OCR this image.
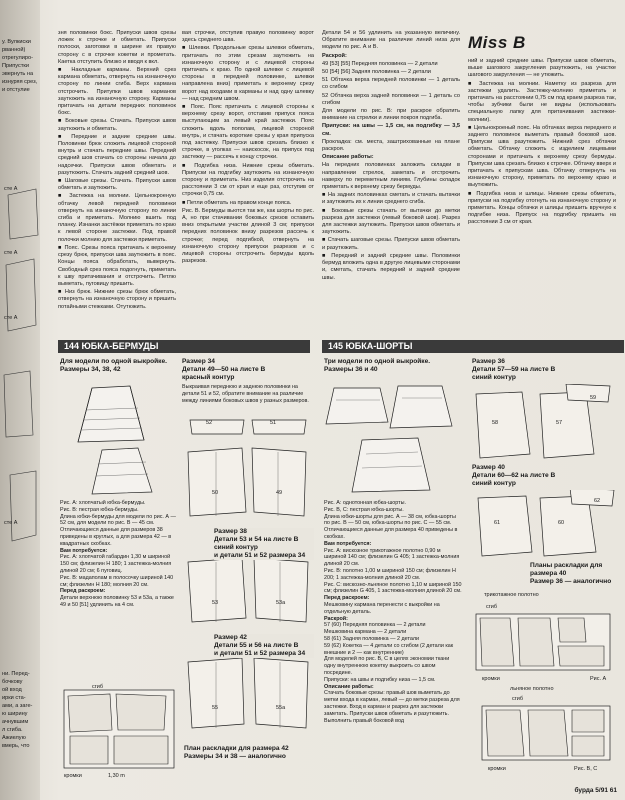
у. Вулкиски
рванной)
отрегулиро-
Припустки
эвернуть на
изнуряя срез,
и отстулие
сте А
сте А
сте А
сте А
ни. Перед-
бочкову
ой вход
ирки ста-
ами, а заге-
ю ширину
ачнувшим
л сгиба.
Ажиелую
вмерь, что

зня половинки бокс. Припуски швов срезы ложек к строчке и обметать. Припуски полоски, заготовки в ширине их правую сторону с в строчке кокетки и прометать. Каетка отступить близко и вводя к вкл.

■ Накладные карманы. Верхний срез кармана обметать, отвернуть на изнаночную сторону по линии сгиба. Верх кармана отстрочить. Притупки швов карманов заутюжить на изнаночную сторону. Карманы притачать на детали передних половинок бокс.

■ Боковые срезы. Стачать. Припуски швов заутюжить и обметать.

■ Передние и задние средние швы. Половинки брюк сложить лицевой стороной внутрь и стачать передние швы. Передний средний шов стачать со стороны начала до надсечки. Припуски швов обметать и разутюжить. Стачать задний средний шов.

■ Шаговые срезы. Стачать. Припуски швов обметать и заутюжить.

■ Застежка на молнии. Цельнокроеную обтачку левой передней половинки отвернуть на изнаночную сторону по линии сгиба и приметать. Молнию вшить под планку. Изнанки застёжки приметать по краю к левой стороне застежки. Под правой полочки молнию для застежки приметать.

■ Пояс. Срезы пояса притачать к верхнему срезу брюк, припуски шва заутюжить в пояс. Концы пояса обработать, вывернуть. Свободный срез пояса подогнуть, приметать к шву притачивания и отстрочить. Петлю выметать, пуговицу пришить.

■ Низ брюк. Нижние срезы брюк обметать, отвернуть на изнаночную сторону и пришить потайными стежками. Отутюжить.

вая строчки, отступив правую половинку ворот здесь среднего шва.

■ Шлевки. Продольные срезы шлевки обметать, притачать по этим срезам заутюжить на изнаночную сторону и с лицевой стороны притачать к краю. По одной шлевке с лицевой стороны в передней половинке, шлевки направлена вниз) приметать к верхнему срезу ворот над входами в карманы и над одну шлевку — над средним швом.

■ Пояс. Пояс притачать с лицевой стороны к верхнему срезу ворот, отставив припуск пояса выступающим за левый край застежки. Пояс сложить вдоль пополам, лицевой стороной внутрь, и стачать короткие срезы у края припуска под застежку. Припуски швов срезать близко к строчке, в уголках — наискосок, на припуск под застежку — рассечь к концу строчки.

■ Подгибка низа. Нижние срезы обметать. Припуски на подгибку заутюжить на изнаночную сторону и приметать. Низ изделия отстрочить на расстоянии 3 см от края и еще раз, отступив от строчки 0,75 см.

■ Петли обметать на правом конце пояса.

Рис. В. Бермуды вьются так же, как шорты по рис. А, но при стачивании боковых срезов оставить вниз открытыми участки длиной 3 см; припуски передних половинок внизу разрезов рассечь к строчке; перед подгибкой, отвернуть на изнаночную сторону припуски разрезов и с лицевой стороны отстрочить бермуды вдоль разрезов.

Детали 54 и 56 удлинить на указанную величину. Обратите внимание на различие линий низа для модели по рис. А и В.

Раскрой:

49 [53] [55] Передняя половинка — 2 детали

50 [54] [56] Задняя половинка — 2 детали

51 Обтачка верха передней половинки — 1 деталь со сгибом

52 Обтачка верха задней половинки — 1 деталь со сгибом

Для модели по рис. В: при раскрое обратить внимание на стрелки и линии покроя подгиба.

Припуски: на швы — 1,5 см, на подгибку — 3,5 см.

Прокладка: см. места, заштрихованные на плане раскроя.

Описание работы:

На передних половинках заложить складки в направлении стрелок, заметать и отстрочить наверху по переметным линиям. Глубины складок приметать к верхнему срезу бермуды.

■ На задних половинках сметать и стачать вытачки и заутюжить их к линии среднего сгиба.

■ Боковые срезы стачать от вытачки до метки разреза для застежки (левый боковой шов). Разрез для застежки заутюжить. Припуски швов обметать и заутюжить.

■ Стачать шаговые срезы. Припуски швов обметать и разутюжить.

■ Передний и задний средние швы. Половинки бермуд вложить одна в другую лицевыми сторонами и, сметать, стачать передний и задний средние швы.

Miss B

ний и задний средние швы. Припуски швов обметать, выше шагового закругления разутюжить, на участке шагового закругления — не утюжить.

■ Застежка на молнии. Наметку из разреза для застежки удалить. Застежку-молнию приметать и притачать на расстоянии 0,75 см под краем разреза так, чтобы зубчики были не видны (использовать специальную лапку для притачивания застежки-молнии).

■ Цельнокроеный пояс. На обтачках верха переднего и заднего половинок выметать правый боковой шов. Припуски шва разутюжить. Нижний срез обтачки обметать. Обтачку сложить с изделием лицевыми сторонами и притачать к верхнему срезу бермуды. Припуски шва срезать близко к строчке. Обтачку вверх и притачать к припускам шва. Обтачку отвернуть на изнаночную сторону, приметать по верхнему краю и выутюжить.

■ Подгибка низа и шлицы. Нижние срезы обметать, припуски на подгибку отогнуть на изнаночную сторону и приметать. Концы обтачки и шлицы пришить вручную к подгибке низа. Припуск на подгибку пришить на расстоянии 3 см от края.

144 ЮБКА-БЕРМУДЫ	145 ЮБКА-ШОРТЫ
Для модели по одной выкройке.
Размеры 34, 38, 42
Рис. А: хлопчатый юбка-бермуды.
Рис. В: пестрая юбка-бермуды.
Длина юбки-бермуды для модели по рис. А — 52 см, для модели по рис. В — 45 см.
Отличающиеся данные для размеров 38 приведены в круглых, а для размера 42 — в квадратных скобках.
Вам потребуется:
Рис. А: хлопчатой габардин 1,30 м шириной 150 см; флизелин Н 180; 1 застежка-молния длиной 20 см; 6 пуговиц.
Рис. В: мадаполам в полосочку шириной 140 см; флизелин Н 180; молния 20 см.
Перед раскроем:
Детали верхнюю половинку 53 и 53а, а также 49 и 50 [51] удлинить на 4 см.
сгиб
кромки	1,30 m
Размер 34
Детали 49—50 на листе В
красный контур
Выкраивая переднюю и заднюю половинки на детали 51 и 52, обратите внимание на различие между линиями боковых швов у разных размеров.
52	51
50	49
Размер 38
Детали 53 и 54 на листе В синий контур
и детали 51 и 52 размера 34
53	53a
Размер 42
Детали 55 и 56 на листе В
и детали 51 и 52 размера 34
55	55a
План раскладки для размера 42
Размеры 34 и 38 — аналогично
Три модели по одной выкройке.
Размеры 36 и 40
Рис. А: однотонная юбка-шорты.
Рис. В, С: пестрая юбка-шорты.
Длина юбки-шорты для рис. А — 38 см, юбка-шорты по рис. В — 50 см, юбка-шорты по рис. С — 55 см.
Отличающиеся данные для размера 40 приведены в скобках.
Вам потребуется:
Рис. А: вискозное трикотажное полотно 0,90 м шириной 140 см; флизелин G 405; 1 застежка-молния длиной 20 см.
Рис. В: полотно 1,00 м шириной 150 см; флизелин Н 200; 1 застежка-молния длиной 20 см.
Рис. С: вискозно-льняное полотно 1,10 м шириной 150 см; флизелин G 405, 1 застежка-молния длиной 20 см.
Перед раскроем:
Мешковину кармана перенести с выкройки на отдельную деталь.
Раскрой:
57 (60) Передняя половинка — 2 детали
Мешковина кармана — 2 детали
58 (61) Задняя половинка — 2 детали
59 (62) Кокетка — 4 детали со сгибом (2 детали как внешние и 2 — как внутренние)
Для моделей по рис. В, С в целях экономии ткани одну внутреннюю кокетку выкроить со швом посредине.
Припуски: на швы и подгибку низа — 1,5 см.
Описание работы:
Стачать боковые срезы: правый шов выметать до метки входа в карман, левый — до метки разреза для застежки. Вход в карман и разрез для застежки заметать. Припуски швов обметать и разутюжить. Выполнить правый боковой вод
Размер 36
Детали 57—59 на листе В
синий контур
58
59
57
Размер 40
Детали 60—62 на листе В
синий контур
61
62
60
Планы раскладки для размера 40
Размер 36 — аналогично
трикотажное полотно
сгиб
кромки	Рис. А
льняное полотно
сгиб
кромки	Рис. В, С
бурда 5/91 61
